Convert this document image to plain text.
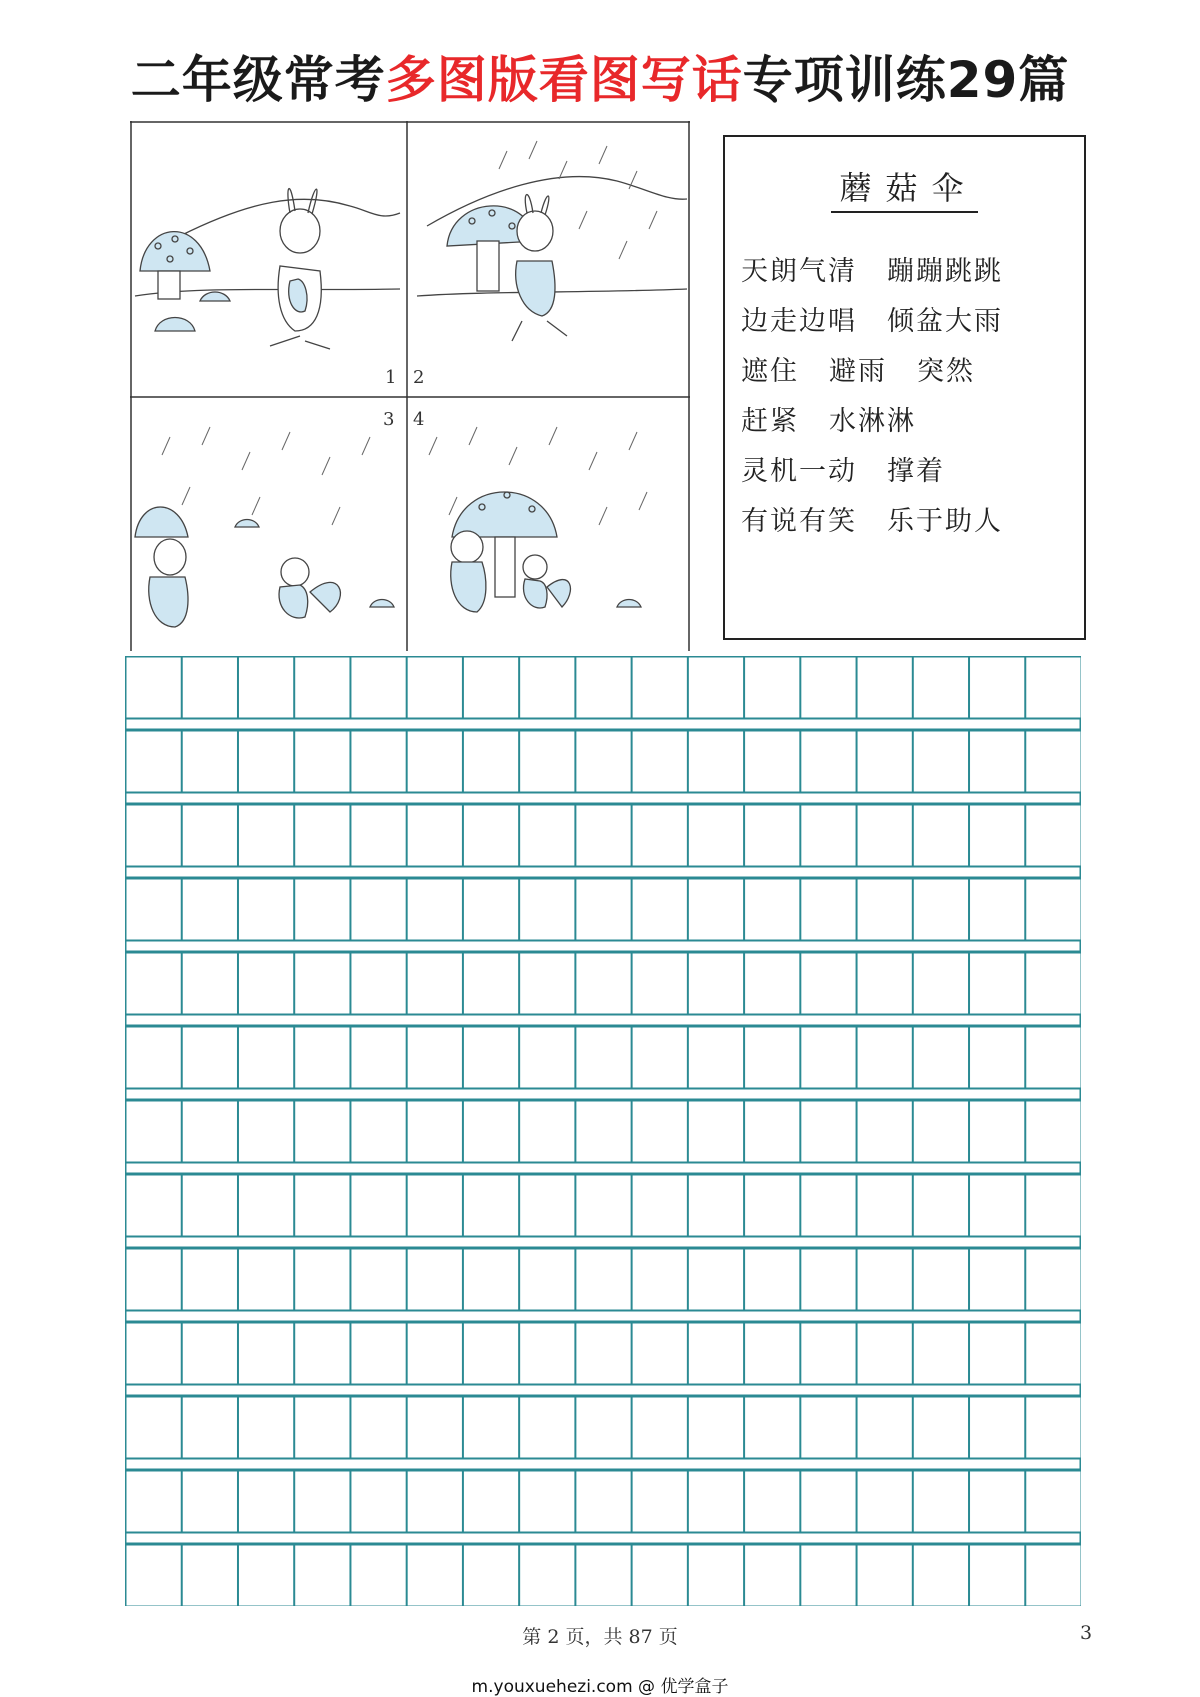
二年级常考多图版看图写话专项训练29篇
1 2
3 4
蘑菇伞
天朗气清 蹦蹦跳跳
边走边唱 倾盆大雨
遮住 避雨 突然
赶紧 水淋淋
灵机一动 撑着
有说有笑 乐于助人
第 2 页，共 87 页	3
m.youxuehezi.com @ 优学盒子
